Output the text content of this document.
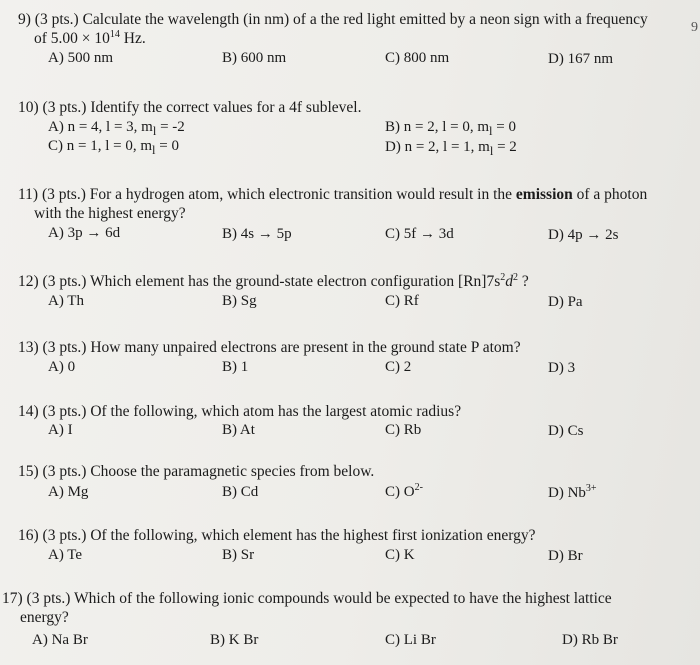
9
9) (3 pts.) Calculate the wavelength (in nm) of a the red light emitted by a neon sign with a frequency
of $5.00 \times 10^{14}$ Hz.
A) 500 nm	B) 600 nm	C) 800 nm	D) 167 nm
10) (3 pts.) Identify the correct values for a 4f sublevel.
A) n = 4, l = 3, $m_l = -2$	B) n = 2, l = 0, $m_l = 0$
C) n = 1, l = 0, $m_l = 0$	D) n = 2, l = 1, $m_l = 2$
11) (3 pts.) For a hydrogen atom, which electronic transition would result in the emission of a photon
with the highest energy?
A) 3p → 6d	B) 4s → 5p	C) 5f → 3d	D) 4p → 2s
12) (3 pts.) Which element has the ground-state electron configuration $[Rn]7s^2d^2$ ?
A) Th	B) Sg	C) Rf	D) Pa
13) (3 pts.) How many unpaired electrons are present in the ground state P atom?
A) 0	B) 1	C) 2	D) 3
14) (3 pts.) Of the following, which atom has the largest atomic radius?
A) I	B) At	C) Rb	D) Cs
15) (3 pts.) Choose the paramagnetic species from below.
A) Mg	B) Cd	C) $O^{2-}$	D) $Nb^{3+}$
16) (3 pts.) Of the following, which element has the highest first ionization energy?
A) Te	B) Sr	C) K	D) Br
17) (3 pts.) Which of the following ionic compounds would be expected to have the highest lattice
energy?
A) Na Br	B) K Br	C) Li Br	D) Rb Br
